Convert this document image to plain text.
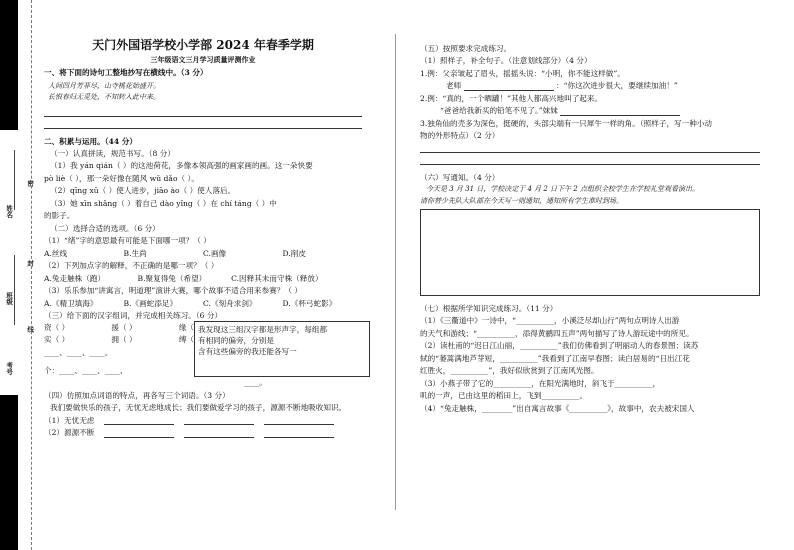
姓名
班级
考号
密
封
线
天门外国语学校小学部 2024 年春季学期
三年级语文三月学习质量评测作业
一、将下面的诗句工整地抄写在横线中。（3 分）
人间四月芳菲尽，山寺桃花始盛开。
长恨春归无觅处，不知转入此中来。
二、积累与运用。（44 分）
（一）认真拼读，规范书写。（8 分）
（1）我 yán qián（ ）的这池荷花，多像本领高强的画家画的画。这一朵快要
pò liè（ ），那一朵好像在随风 wǔ dǎo（ ）。
（2）qīng xū（ ）使人进步，jiāo ào（ ）使人落后。
（3）她 xīn shǎng（ ）着自己 dào yǐng（ ）在 chí táng（ ）中
的影子。
（二）选择合适的选项。（6 分）
（1）“绪”字的意思最有可能是下面哪一项？（ ）
A.丝线	B.生尚	C.画像	D.削皮
（2）下列加点字的解释，不正确的是哪一项？（ ）
A.兔走触株（跑）	B.聚复得兔（希望）	C.因释其未而守株（释放）
（3）乐乐参加“讲寓言，明道理”演讲大赛，哪个故事不适合用来参赛？（ ）
A.《精卫填海》	B.《画蛇添足》	C.《刻舟求剑》	D.《杯弓蛇影》
（三）给下面的汉字组词，并完成相关练习。（6 分）
资（ ）	援（ ）	缘（
实（ ）	拥（ ）	缚（
____、____、____。
个：____、____、____、
我发现这三组汉字都是形声字，每组都
有相同的偏旁，分别是
含有这些偏旁的我还能各写一
____。
（四）仿照加点词语的特点，再各写三个词语。（3 分）
我们要做快乐的孩子，无忧无虑地成长；我们要做爱学习的孩子，源源不断地吸收知识。
（1）无忧无虑
（2）源源不断
（五）按照要求完成练习。
（1）照样子，补全句子。（注意划线部分）（4 分）
1.例：父亲皱起了眉头，摇摇头说：“小明，你不能这样做”。
老师	：“你这次进步很大，要继续加油！”
2.例：“真的，一个晒罐！”其他人都高兴地叫了起来。
“爸爸给我新买的铅笔不见了。”妹妹
3.独角仙的壳多为深色，挺硬的，头部尖端有一只犀牛一样的角。（照样子，写一种小动
物的外形特点）（2 分）
（六）写通知。（4 分）
今天是 3 月 31 日，学校决定于 4 月 2 日下午 2 点组织全校学生在学校礼堂观看演出。
请你替少先队大队部在今天写一则通知，通知所有学生准时到场。
（七）根据所学知识完成练习。（11 分）
（1）《三衢道中》一诗中，“__________，小溪泛尽却山行”两句点明诗人出游
的天气和游线；“__________，添得黄鹂四五声”两句描写了诗人游玩途中的所见。
（2）读杜甫的“迟日江山丽，__________”我们仿佛看到了明丽动人的春景图；读苏
轼的“蒌蒿满地芦芽短，__________”我看到了江南早春图；读白居易的“日出江花
红胜火，__________”，我好似欣赏到了江南风光图。
（3）小燕子带了它的__________，在阳光满地时，斜飞于__________，
叽的一声，已由这里的稻田上，飞到__________。
（4）“兔走触株，________”出自寓言故事《__________》，故事中，农夫被宋国人
